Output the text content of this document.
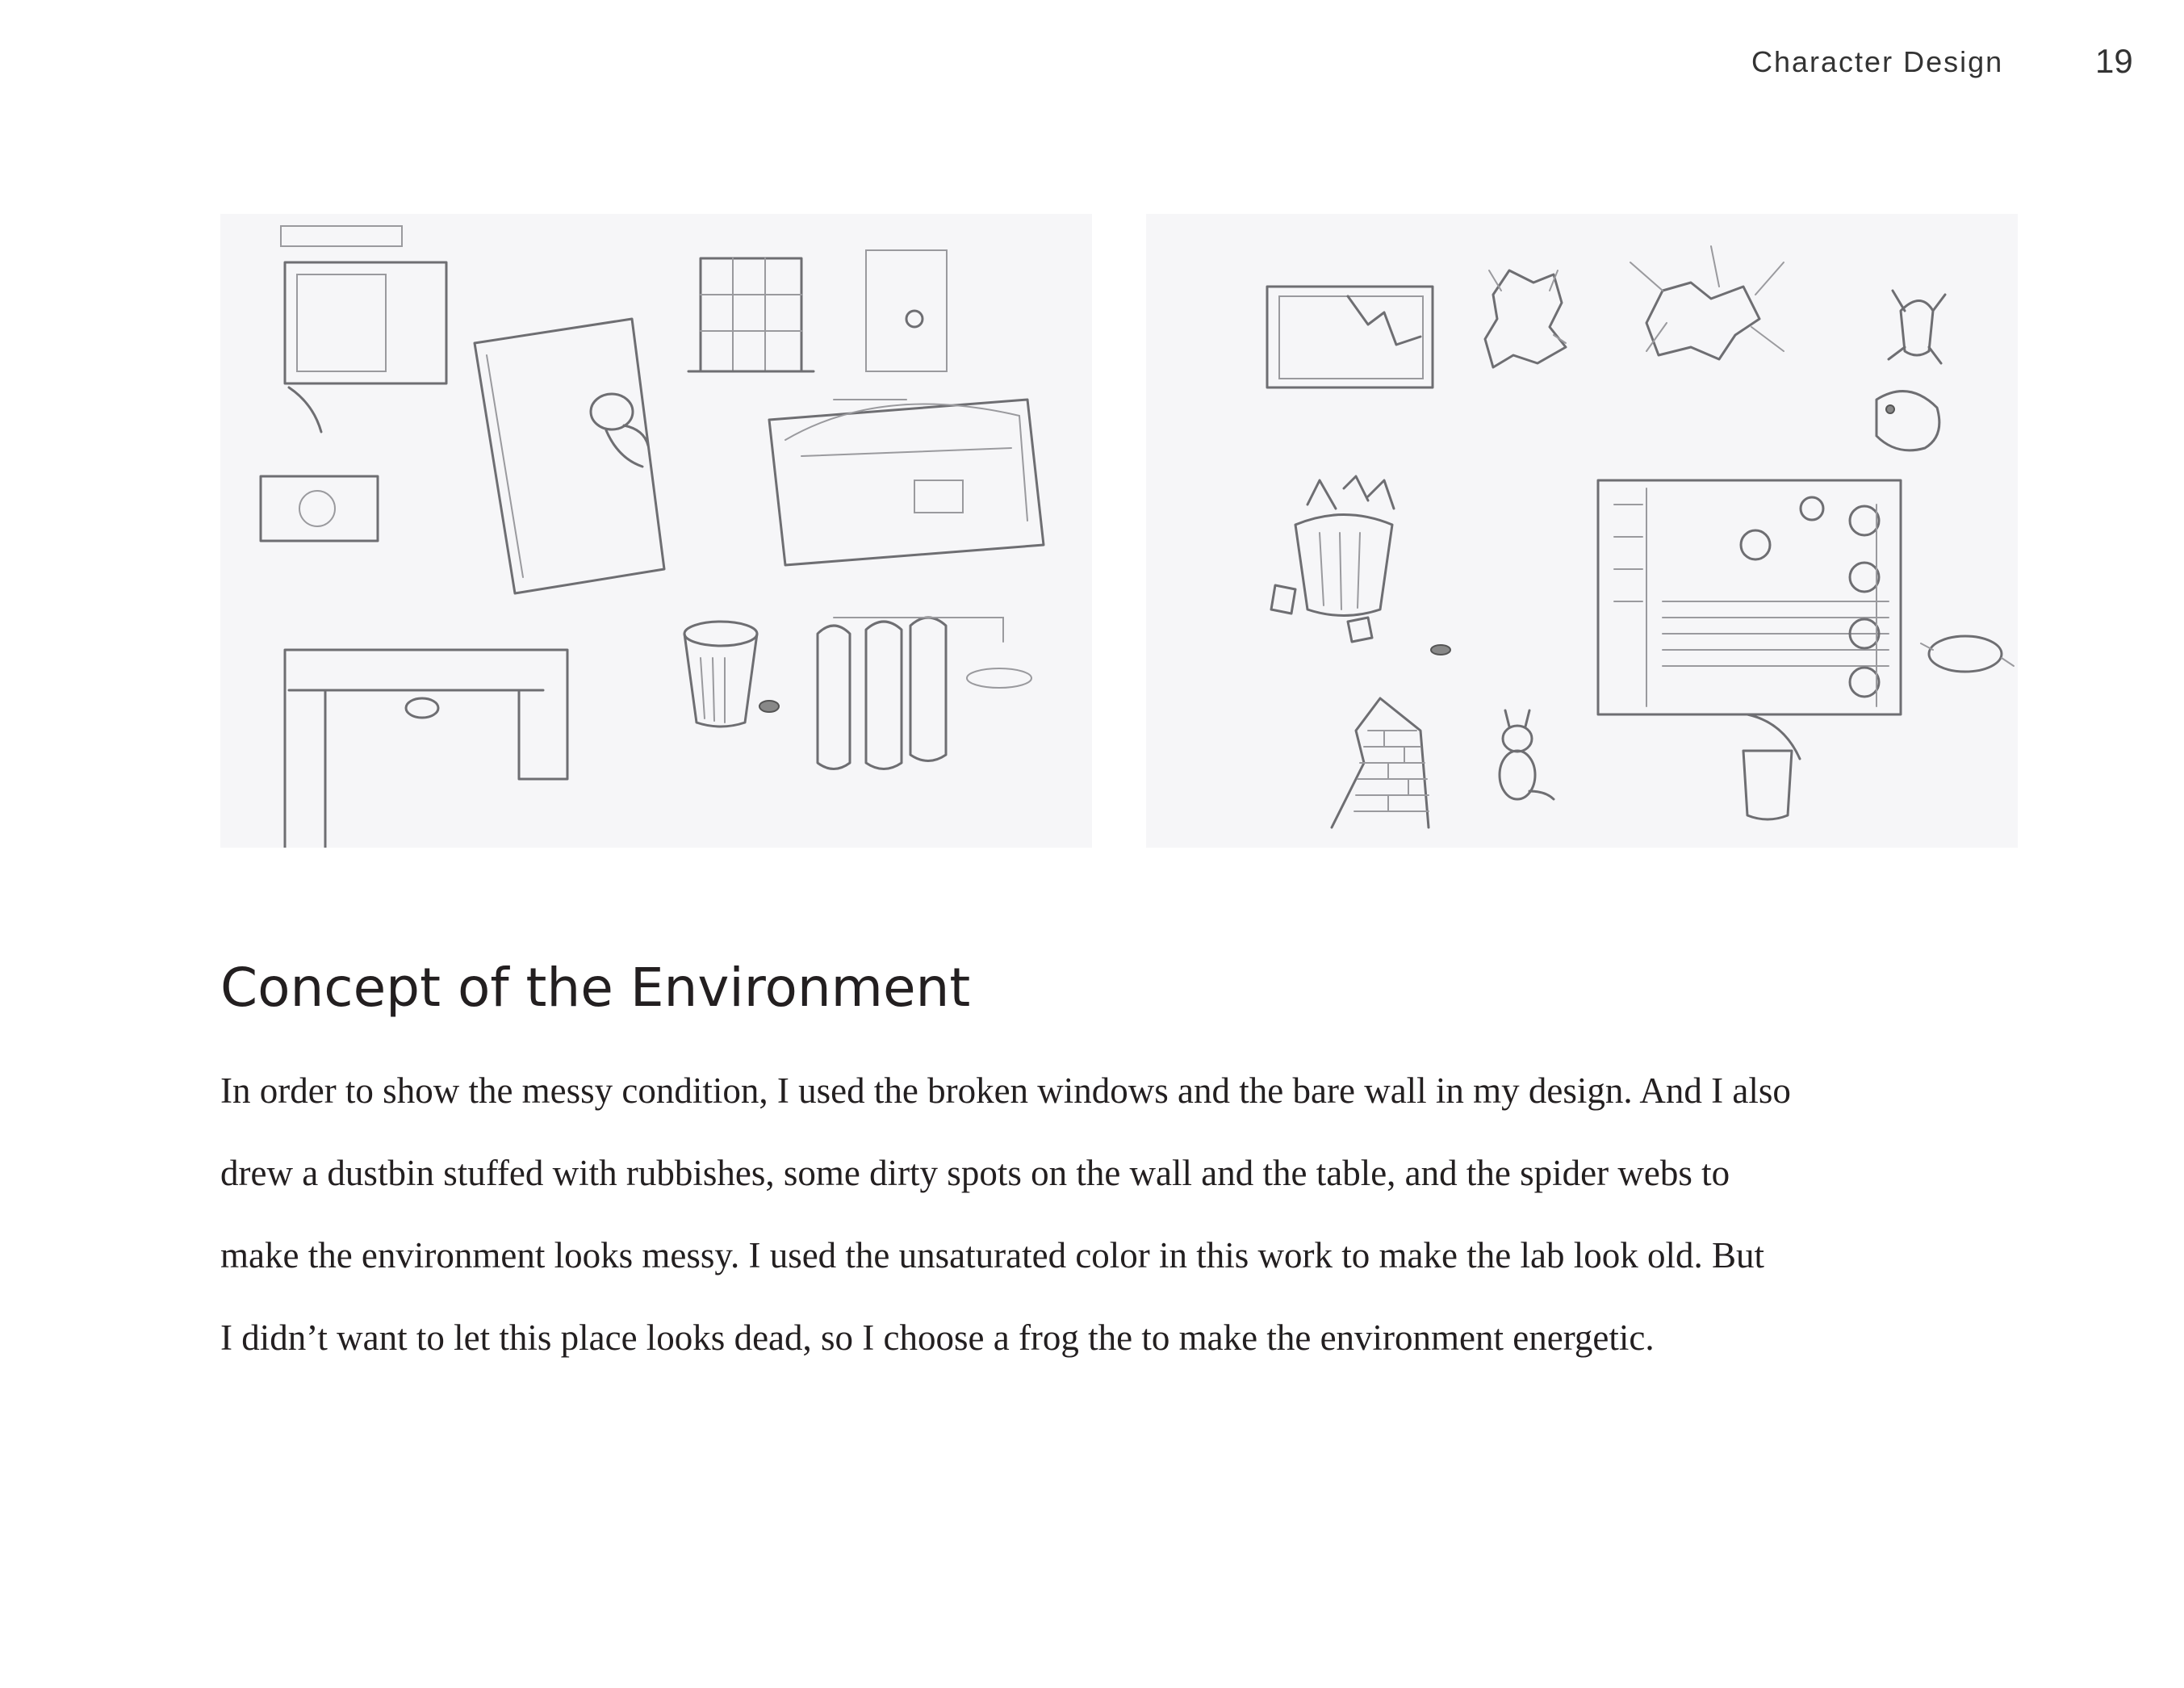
Character Design	19
Concept of the Environment
In order to show the messy condition, I used the broken windows and the bare wall in my design. And I also
drew a dustbin stuffed with rubbishes, some dirty spots on the wall and the table, and the spider webs to
make the environment looks messy. I used the unsaturated color in this work to make the lab look old. But
I didn’t want to let this place looks dead, so I choose a frog the to make the environment energetic.
